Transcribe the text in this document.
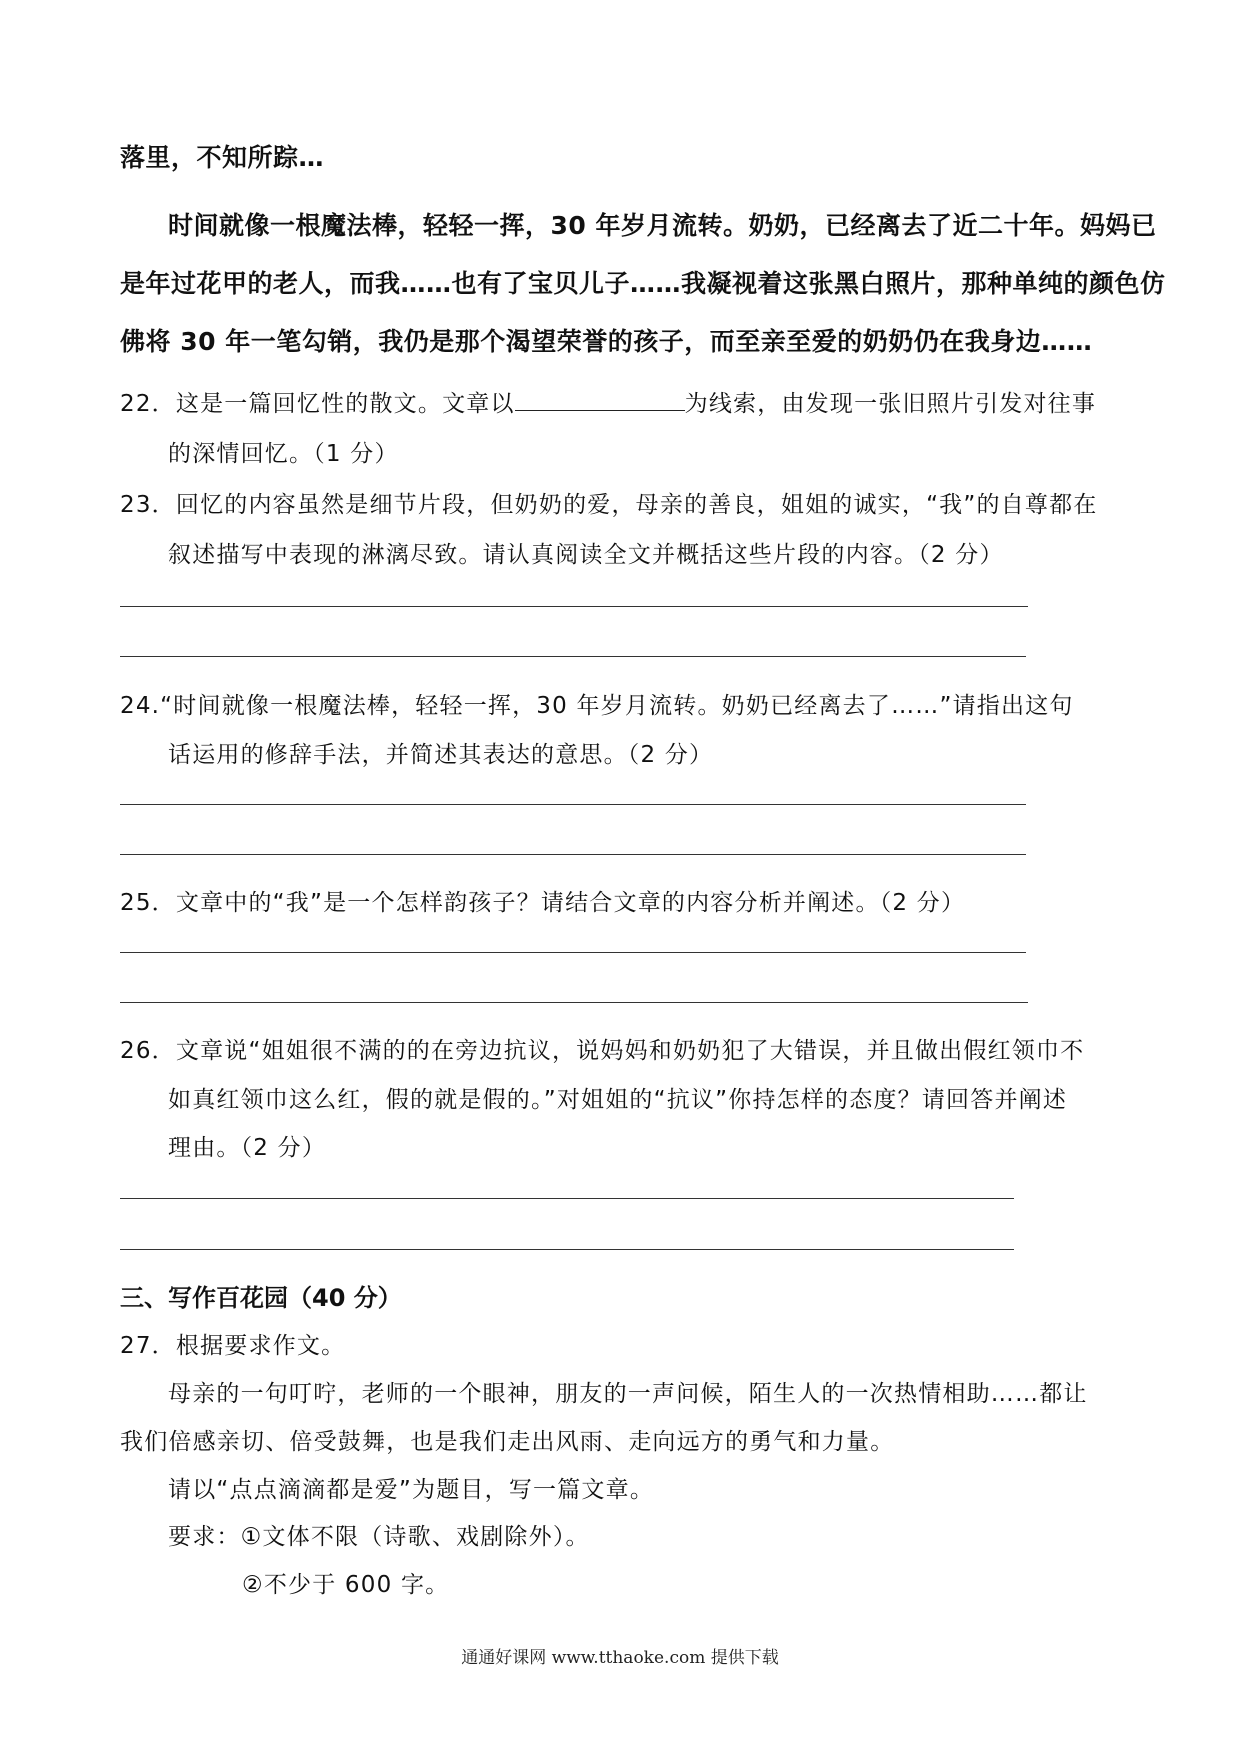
落里，不知所踪…
时间就像一根魔法棒，轻轻一挥，30 年岁月流转。奶奶，已经离去了近二十年。妈妈已
是年过花甲的老人，而我……也有了宝贝儿子……我凝视着这张黑白照片，那种单纯的颜色仿
佛将 30 年一笔勾销，我仍是那个渴望荣誉的孩子，而至亲至爱的奶奶仍在我身边……
22．这是一篇回忆性的散文。文章以	为线索，由发现一张旧照片引发对往事
的深情回忆。（1 分）
23．回忆的内容虽然是细节片段，但奶奶的爱，母亲的善良，姐姐的诚实，“我”的自尊都在
叙述描写中表现的淋漓尽致。请认真阅读全文并概括这些片段的内容。（2 分）
24.“时间就像一根魔法棒，轻轻一挥，30 年岁月流转。奶奶已经离去了……”请指出这句
话运用的修辞手法，并简述其表达的意思。（2 分）
25．文章中的“我”是一个怎样韵孩子？请结合文章的内容分析并阐述。（2 分）
26．文章说“姐姐很不满的的在旁边抗议，说妈妈和奶奶犯了大错误，并且做出假红领巾不
如真红领巾这么红，假的就是假的。”对姐姐的“抗议”你持怎样的态度？请回答并阐述
理由。（2 分）
三、写作百花园（40 分）
27．根据要求作文。
母亲的一句叮咛，老师的一个眼神，朋友的一声问候，陌生人的一次热情相助……都让
我们倍感亲切、倍受鼓舞，也是我们走出风雨、走向远方的勇气和力量。
请以“点点滴滴都是爱”为题目，写一篇文章。
要求：①文体不限（诗歌、戏剧除外）。
②不少于 600 字。
通通好课网 www.tthaoke.com 提供下载
